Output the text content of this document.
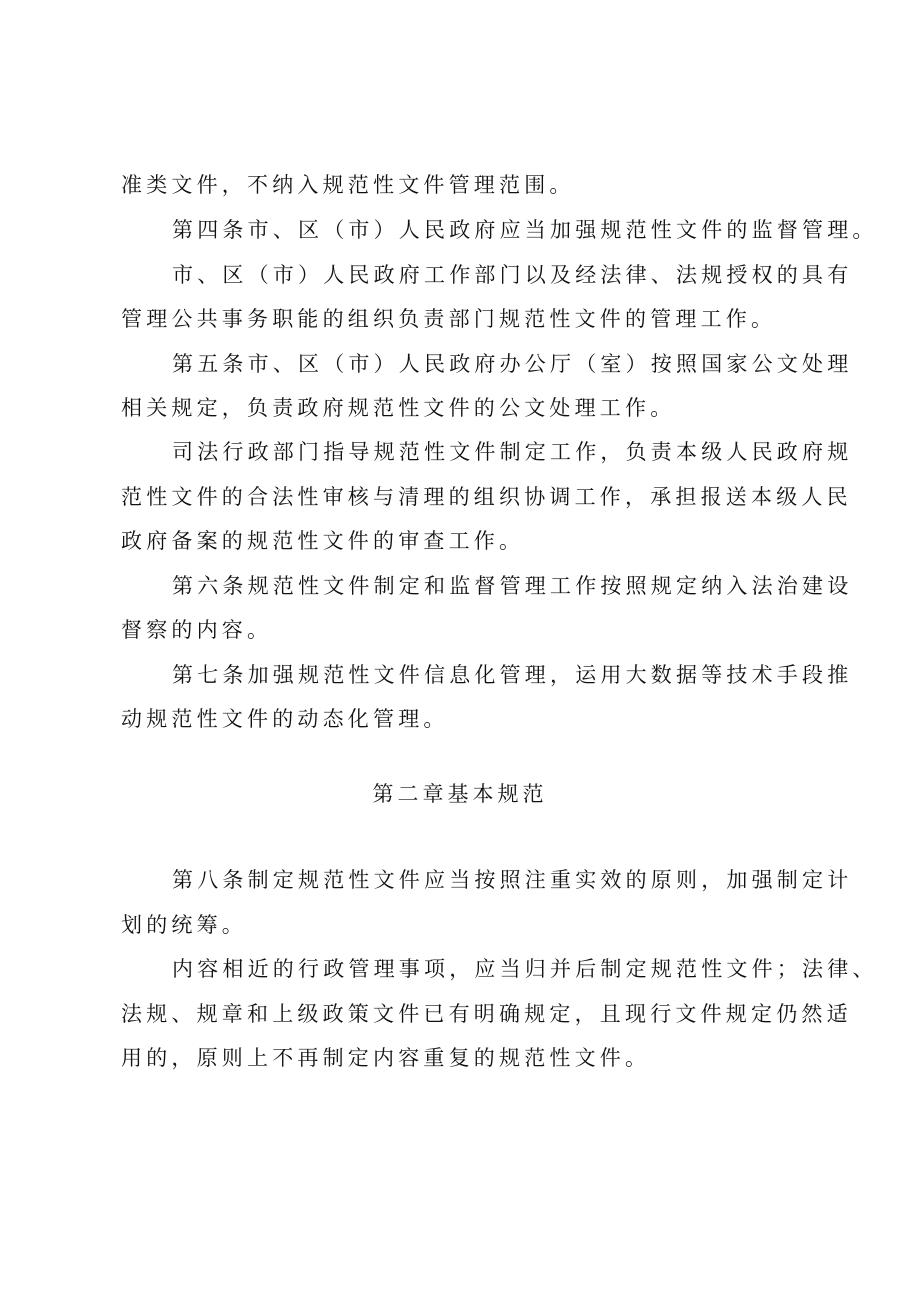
准类文件，不纳入规范性文件管理范围。
第四条市、区（市）人民政府应当加强规范性文件的监督管理。
市、区（市）人民政府工作部门以及经法律、法规授权的具有
管理公共事务职能的组织负责部门规范性文件的管理工作。
第五条市、区（市）人民政府办公厅（室）按照国家公文处理
相关规定，负责政府规范性文件的公文处理工作。
司法行政部门指导规范性文件制定工作，负责本级人民政府规
范性文件的合法性审核与清理的组织协调工作，承担报送本级人民
政府备案的规范性文件的审查工作。
第六条规范性文件制定和监督管理工作按照规定纳入法治建设
督察的内容。
第七条加强规范性文件信息化管理，运用大数据等技术手段推
动规范性文件的动态化管理。
第二章基本规范
第八条制定规范性文件应当按照注重实效的原则，加强制定计
划的统筹。
内容相近的行政管理事项，应当归并后制定规范性文件；法律、
法规、规章和上级政策文件已有明确规定，且现行文件规定仍然适
用的，原则上不再制定内容重复的规范性文件。
